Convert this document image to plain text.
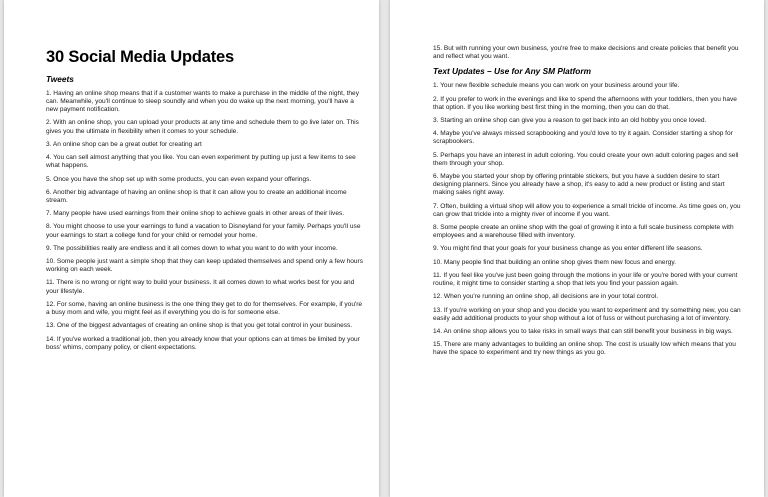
30 Social Media Updates
Tweets

1. Having an online shop means that if a customer wants to make a purchase in the middle of the night, they can. Meanwhile, you'll continue to sleep soundly and when you do wake up the next morning, you'll have a new payment notification.

2. With an online shop, you can upload your products at any time and schedule them to go live later on. This gives you the ultimate in flexibility when it comes to your schedule.

3. An online shop can be a great outlet for creating art

4. You can sell almost anything that you like. You can even experiment by putting up just a few items to see what happens.

5. Once you have the shop set up with some products, you can even expand your offerings.

6. Another big advantage of having an online shop is that it can allow you to create an additional income stream.

7. Many people have used earnings from their online shop to achieve goals in other areas of their lives.

8. You might choose to use your earnings to fund a vacation to Disneyland for your family. Perhaps you'll use your earnings to start a college fund for your child or remodel your home.

9. The possibilities really are endless and it all comes down to what you want to do with your income.

10. Some people just want a simple shop that they can keep updated themselves and spend only a few hours working on each week.

11. There is no wrong or right way to build your business. It all comes down to what works best for you and your lifestyle.

12. For some, having an online business is the one thing they get to do for themselves. For example, if you're a busy mom and wife, you might feel as if everything you do is for someone else.

13. One of the biggest advantages of creating an online shop is that you get total control in your business.

14. If you've worked a traditional job, then you already know that your options can at times be limited by your boss' whims, company policy, or client expectations.

15. But with running your own business, you're free to make decisions and create policies that benefit you and reflect what you want.

Text Updates – Use for Any SM Platform

1. Your new flexible schedule means you can work on your business around your life.

2. If you prefer to work in the evenings and like to spend the afternoons with your toddlers, then you have that option. If you like working best first thing in the morning, then you can do that.

3. Starting an online shop can give you a reason to get back into an old hobby you once loved.

4. Maybe you've always missed scrapbooking and you'd love to try it again. Consider starting a shop for scrapbookers.

5. Perhaps you have an interest in adult coloring. You could create your own adult coloring pages and sell them through your shop.

6. Maybe you started your shop by offering printable stickers, but you have a sudden desire to start designing planners. Since you already have a shop, it's easy to add a new product or listing and start making sales right away.

7. Often, building a virtual shop will allow you to experience a small trickle of income. As time goes on, you can grow that trickle into a mighty river of income if you want.

8. Some people create an online shop with the goal of growing it into a full scale business complete with employees and a warehouse filled with inventory.

9. You might find that your goals for your business change as you enter different life seasons.

10. Many people find that building an online shop gives them new focus and energy.

11. If you feel like you've just been going through the motions in your life or you're bored with your current routine, it might time to consider starting a shop that lets you find your passion again.

12. When you're running an online shop, all decisions are in your total control.

13. If you're working on your shop and you decide you want to experiment and try something new, you can easily add additional products to your shop without a lot of fuss or without purchasing a lot of inventory.

14. An online shop allows you to take risks in small ways that can still benefit your business in big ways.

15. There are many advantages to building an online shop. The cost is usually low which means that you have the space to experiment and try new things as you go.
